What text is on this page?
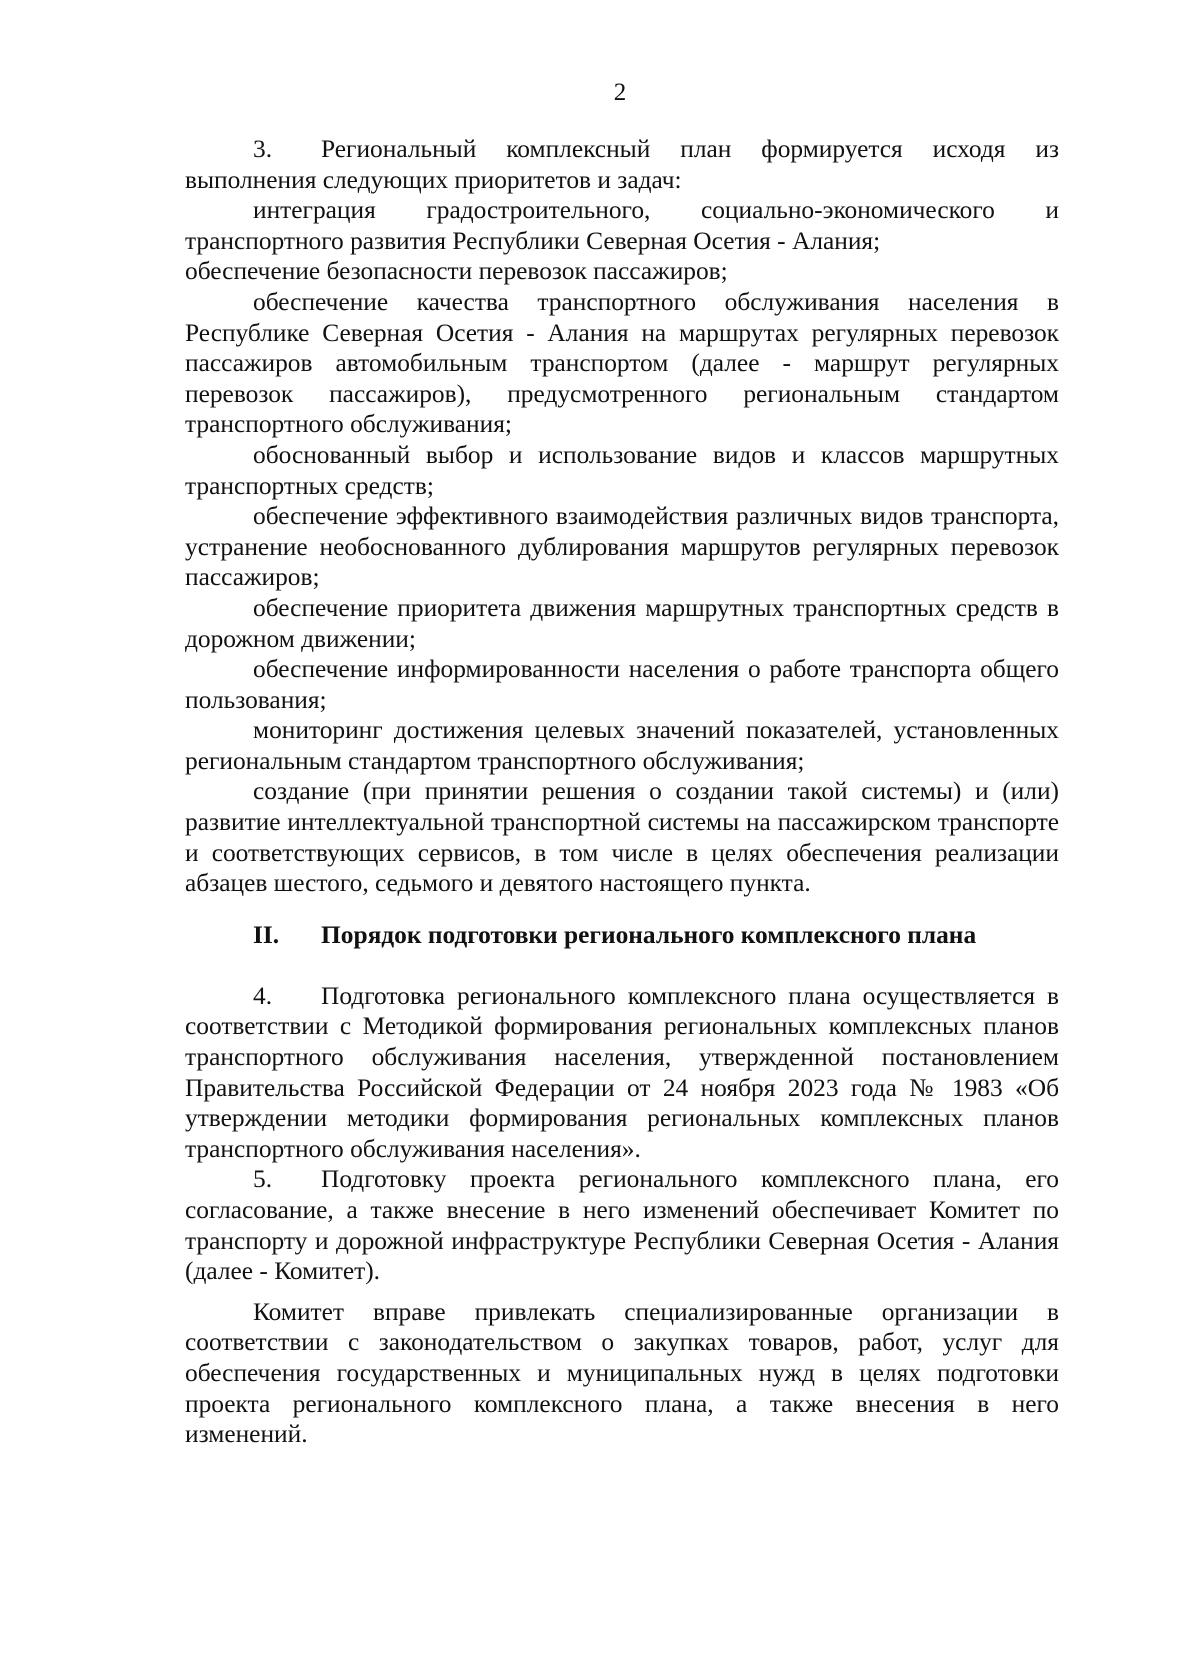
2

3. Региональный комплексный план формируется исходя из выполнения следующих приоритетов и задач:

интеграция градостроительного, социально-экономического и транспортного развития Республики Северная Осетия - Алания;

обеспечение безопасности перевозок пассажиров;

обеспечение качества транспортного обслуживания населения в Республике Северная Осетия - Алания на маршрутах регулярных перевозок пассажиров автомобильным транспортом (далее - маршрут регулярных перевозок пассажиров), предусмотренного региональным стандартом транспортного обслуживания;

обоснованный выбор и использование видов и классов маршрутных транспортных средств;

обеспечение эффективного взаимодействия различных видов транспорта, устранение необоснованного дублирования маршрутов регулярных перевозок пассажиров;

обеспечение приоритета движения маршрутных транспортных средств в дорожном движении;

обеспечение информированности населения о работе транспорта общего пользования;

мониторинг достижения целевых значений показателей, установленных региональным стандартом транспортного обслуживания;

создание (при принятии решения о создании такой системы) и (или) развитие интеллектуальной транспортной системы на пассажирском транспорте и соответствующих сервисов, в том числе в целях обеспечения реализации абзацев шестого, седьмого и девятого настоящего пункта.

II. Порядок подготовки регионального комплексного плана

4. Подготовка регионального комплексного плана осуществляется в соответствии с Методикой формирования региональных комплексных планов транспортного обслуживания населения, утвержденной постановлением Правительства Российской Федерации от 24 ноября 2023 года № 1983 «Об утверждении методики формирования региональных комплексных планов транспортного обслуживания населения».

5. Подготовку проекта регионального комплексного плана, его согласование, а также внесение в него изменений обеспечивает Комитет по транспорту и дорожной инфраструктуре Республики Северная Осетия - Алания (далее - Комитет).

Комитет вправе привлекать специализированные организации в соответствии с законодательством о закупках товаров, работ, услуг для обеспечения государственных и муниципальных нужд в целях подготовки проекта регионального комплексного плана, а также внесения в него изменений.
